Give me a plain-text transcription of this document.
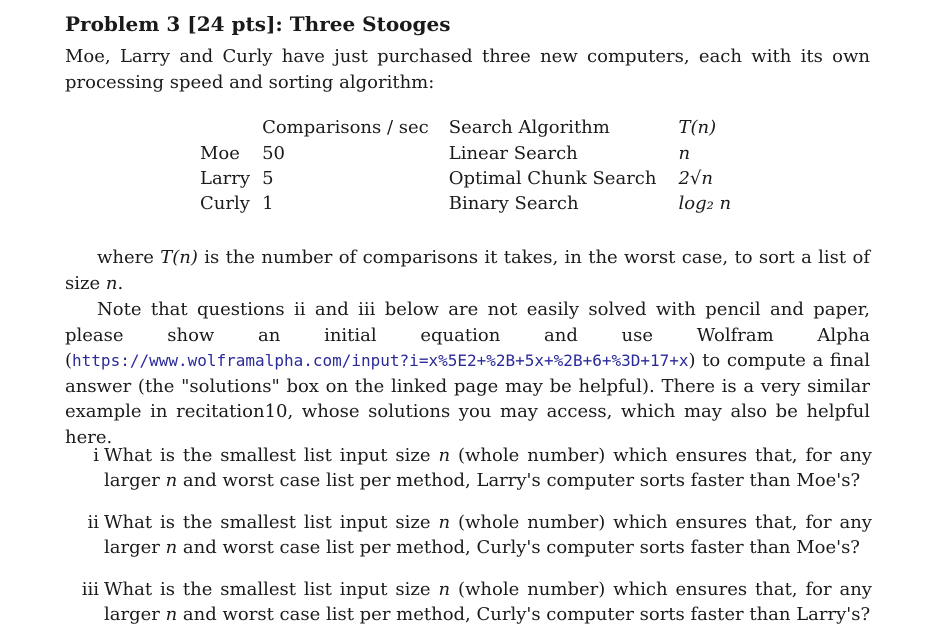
Problem 3 [24 pts]: Three Stooges
Moe, Larry and Curly have just purchased three new computers, each with its own processing speed and sorting algorithm:
	Comparisons / sec	Search Algorithm	T(n)
Moe	50	Linear Search	n
Larry	5	Optimal Chunk Search	2√n
Curly	1	Binary Search	log₂ n
where T(n) is the number of comparisons it takes, in the worst case, to sort a list of size n.
Note that questions ii and iii below are not easily solved with pencil and paper, please show an initial equation and use Wolfram Alpha (https://www.wolframalpha.com/input?i=x%5E2+%2B+5x+%2B+6+%3D+17+x) to compute a final answer (the "solutions" box on the linked page may be helpful). There is a very similar example in recitation10, whose solutions you may access, which may also be helpful here.
i What is the smallest list input size n (whole number) which ensures that, for any larger n and worst case list per method, Larry's computer sorts faster than Moe's?
ii What is the smallest list input size n (whole number) which ensures that, for any larger n and worst case list per method, Curly's computer sorts faster than Moe's?
iii What is the smallest list input size n (whole number) which ensures that, for any larger n and worst case list per method, Curly's computer sorts faster than Larry's?
